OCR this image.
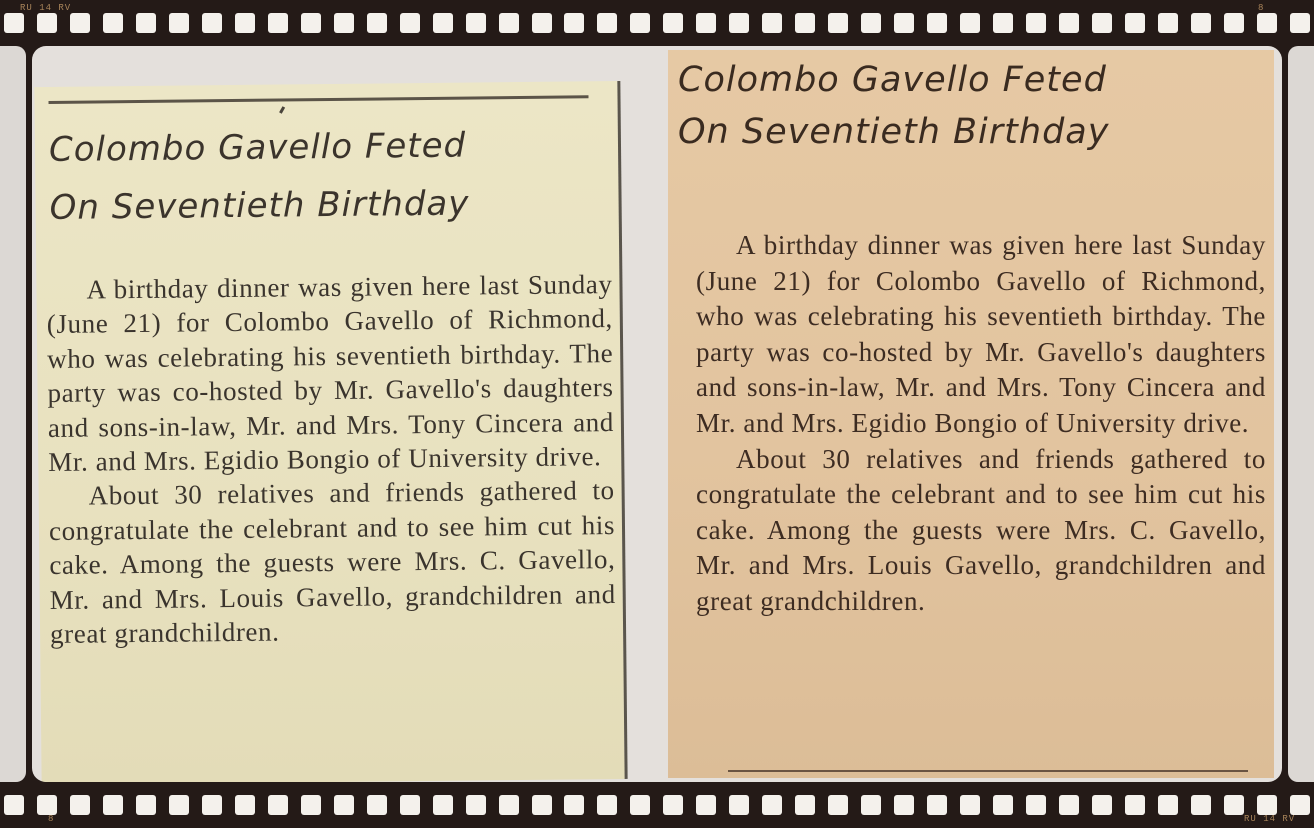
RU 14 RV	8
8	RU 14 RV
Colombo Gavello Feted
On Seventieth Birthday

A birthday dinner was given here last Sunday (June 21) for Colombo Gavello of Richmond, who was celebrating his seventieth birthday. The party was co-hosted by Mr. Gavello's daughters and sons-in-law, Mr. and Mrs. Tony Cincera and Mr. and Mrs. Egidio Bongio of University drive.

About 30 relatives and friends gathered to congratulate the celebrant and to see him cut his cake. Among the guests were Mrs. C. Gavello, Mr. and Mrs. Louis Gavello, grandchildren and great grandchildren.

Colombo Gavello Feted
On Seventieth Birthday

A birthday dinner was given here last Sunday (June 21) for Colombo Gavello of Richmond, who was celebrating his seventieth birthday. The party was co-hosted by Mr. Gavello's daughters and sons-in-law, Mr. and Mrs. Tony Cincera and Mr. and Mrs. Egidio Bongio of University drive.

About 30 relatives and friends gathered to congratulate the celebrant and to see him cut his cake. Among the guests were Mrs. C. Gavello, Mr. and Mrs. Louis Gavello, grandchildren and great grandchildren.
